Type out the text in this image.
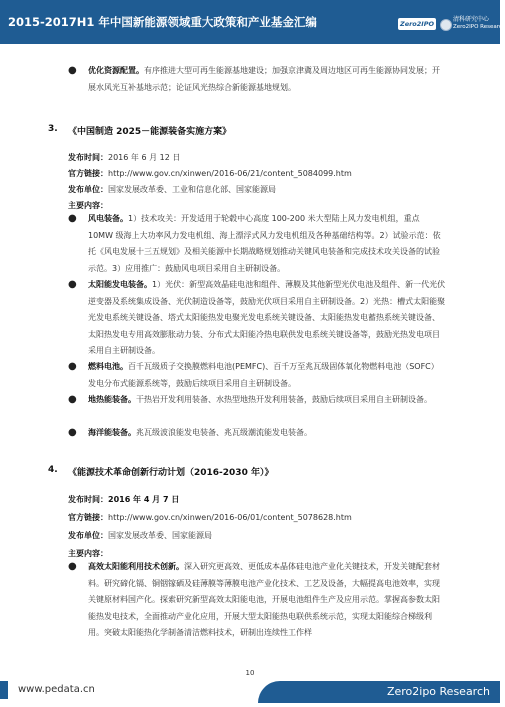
2015-2017H1 年中国新能源领域重大政策和产业基金汇编	Zero2IPO
清科研究中心
Zero2IPO Research
●	优化资源配置。有序推进大型可再生能源基地建设；加强京津冀及周边地区可再生能源协同发展；开展水风光互补基地示范；论证风光热综合新能源基地规划。
3. 《中国制造 2025－能源装备实施方案》
发布时间：2016 年 6 月 12 日
官方链接：http://www.gov.cn/xinwen/2016-06/21/content_5084099.htm
发布单位：国家发展改革委、工业和信息化部、国家能源局
主要内容：
●	风电装备。1）技术攻关：开发适用于轮毂中心高度 100-200 米大型陆上风力发电机组，重点 10MW 级海上大功率风力发电机组、海上漂浮式风力发电机组及各种基础结构等。2）试验示范：依托《风电发展十三五规划》及相关能源中长期战略规划推动关键风电装备和完成技术攻关设备的试验示范。3）应用推广：鼓励风电项目采用自主研制设备。
●	太阳能发电装备。1）光伏：新型高效晶硅电池和组件、薄膜及其他新型光伏电池及组件、新一代光伏逆变器及系统集成设备、光伏制造设备等，鼓励光伏项目采用自主研制设备。2）光热：槽式太阳能聚光发电系统关键设备、塔式太阳能热发电聚光发电系统关键设备、太阳能热发电蓄热系统关键设备、太阳热发电专用高效膨胀动力装、分布式太阳能冷热电联供发电系统关键设备等，鼓励光热发电项目采用自主研制设备。
●	燃料电池。百千瓦级质子交换膜燃料电池(PEMFC)、百千万至兆瓦级固体氧化物燃料电池（SOFC）发电分布式能源系统等，鼓励后续项目采用自主研制设备。
●	地热能装备。干热岩开发利用装备、水热型地热开发利用装备，鼓励后续项目采用自主研制设备。
●	海洋能装备。兆瓦级波浪能发电装备、兆瓦级潮流能发电装备。
4. 《能源技术革命创新行动计划（2016-2030 年）》
发布时间：2016 年 4 月 7 日
官方链接：http://www.gov.cn/xinwen/2016-06/01/content_5078628.htm
发布单位：国家发展改革委、国家能源局
主要内容：
●	高效太阳能利用技术创新。深入研究更高效、更低成本晶体硅电池产业化关键技术，开发关键配套材料。研究碲化镉、铜铟镓硒及硅薄膜等薄膜电池产业化技术、工艺及设备，大幅提高电池效率，实现关键原材料国产化。探索研究新型高效太阳能电池，开展电池组件生产及应用示范。掌握高参数太阳能热发电技术，全面推动产业化应用，开展大型太阳能热电联供系统示范，实现太阳能综合梯级利用。突破太阳能热化学制备清洁燃料技术，研制出连续性工作样
10
www.pedata.cn	Zero2ipo Research
